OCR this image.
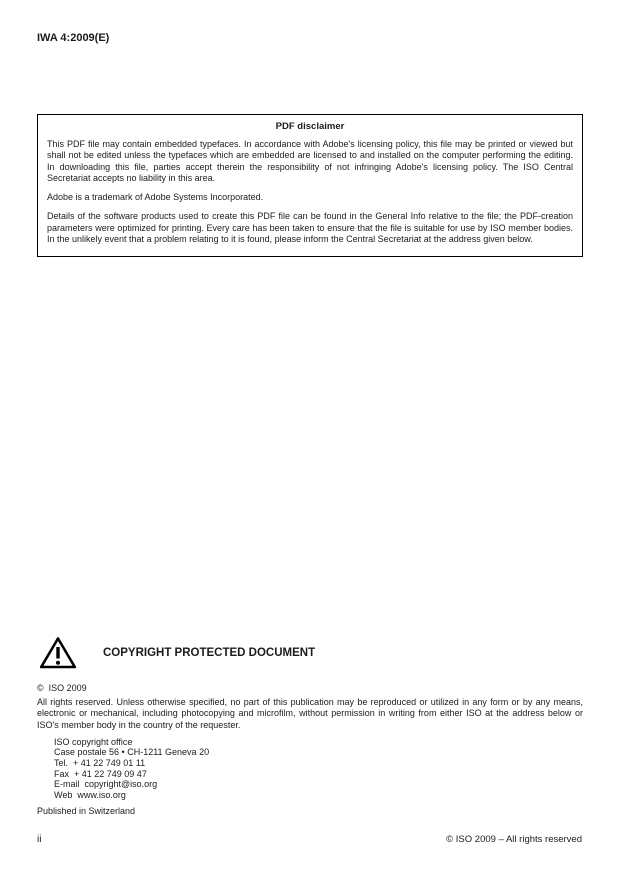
IWA 4:2009(E)
PDF disclaimer

This PDF file may contain embedded typefaces. In accordance with Adobe's licensing policy, this file may be printed or viewed but shall not be edited unless the typefaces which are embedded are licensed to and installed on the computer performing the editing. In downloading this file, parties accept therein the responsibility of not infringing Adobe's licensing policy. The ISO Central Secretariat accepts no liability in this area.

Adobe is a trademark of Adobe Systems Incorporated.

Details of the software products used to create this PDF file can be found in the General Info relative to the file; the PDF-creation parameters were optimized for printing. Every care has been taken to ensure that the file is suitable for use by ISO member bodies. In the unlikely event that a problem relating to it is found, please inform the Central Secretariat at the address given below.

COPYRIGHT PROTECTED DOCUMENT
©  ISO 2009

All rights reserved. Unless otherwise specified, no part of this publication may be reproduced or utilized in any form or by any means, electronic or mechanical, including photocopying and microfilm, without permission in writing from either ISO at the address below or ISO's member body in the country of the requester.

ISO copyright office
Case postale 56 • CH-1211 Geneva 20
Tel.  + 41 22 749 01 11
Fax  + 41 22 749 09 47
E-mail  copyright@iso.org
Web  www.iso.org
Published in Switzerland
ii	© ISO 2009 – All rights reserved
